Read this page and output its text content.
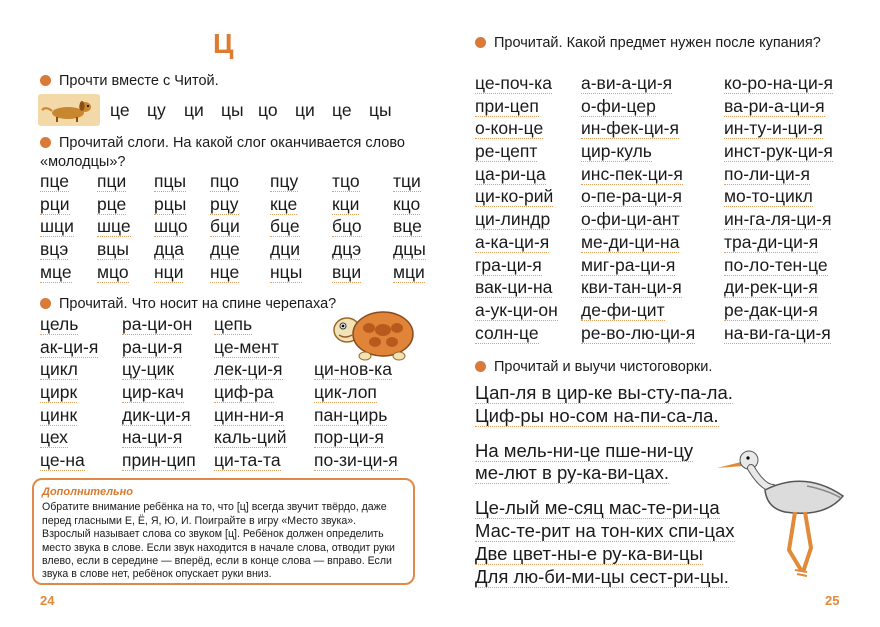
Ц
Прочти вместе с Читой.
це цу	ци цы цо ци це цы
Прочитай слоги. На какой слог оканчивается слово «молодцы»?
пце	пци	пцы	пцо	пцу	тцо	тци
рци	рце	рцы	рцу	кце	кци	кцо
шци	шце	шцо	бци	бце	бцо	вце
вцэ	вцы	дца	дце	дци	дцэ	дцы
мце	мцо	нци	нце	нцы	вци	мци
Прочитай. Что носит на спине черепаха?
цель	ра-ци-он	цепь
ак-ци-я	ра-ци-я	це-мент
цикл	цу-цик	лек-ци-я	ци-нов-ка
цирк	цир-кач	циф-ра	цик-лоп
цинк	дик-ци-я	цин-ни-я	пан-цирь
цех	на-ци-я	каль-ций	пор-ци-я
це-на	прин-цип	ци-та-та	по-зи-ци-я
Дополнительно
Обратите внимание ребёнка на то, что [ц] всегда звучит твёрдо, даже перед гласными Е, Ё, Я, Ю, И. Поиграйте в игру «Место звука». Взрослый называет слова со звуком [ц]. Ребёнок должен определить место звука в слове. Если звук находится в начале слова, отводит руки влево, если в середине — вперёд, если в конце слова — вправо. Если звука в слове нет, ребёнок опускает руки вниз.
24
Прочитай. Какой предмет нужен после купания?
це-поч-ка	а-ви-а-ци-я	ко-ро-на-ци-я
при-цеп	о-фи-цер	ва-ри-а-ци-я
о-кон-це	ин-фек-ци-я	ин-ту-и-ци-я
ре-цепт	цир-куль	инст-рук-ци-я
ца-ри-ца	инс-пек-ци-я	по-ли-ци-я
ци-ко-рий	о-пе-ра-ци-я	мо-то-цикл
ци-линдр	о-фи-ци-ант	ин-га-ля-ци-я
а-ка-ци-я	ме-ди-ци-на	тра-ди-ци-я
гра-ци-я	миг-ра-ци-я	по-ло-тен-це
вак-ци-на	кви-тан-ци-я	ди-рек-ци-я
а-ук-ци-он	де-фи-цит	ре-дак-ци-я
солн-це	ре-во-лю-ци-я	на-ви-га-ци-я
Прочитай и выучи чистоговорки.
Цап-ля в цир-ке вы-сту-па-ла.
Циф-ры но-сом на-пи-са-ла.
На мель-ни-це пше-ни-цу
ме-лют в ру-ка-ви-цах.
Це-лый ме-сяц мас-те-ри-ца
Мас-те-рит на тон-ких спи-цах
Две цвет-ны-е ру-ка-ви-цы
Для лю-би-ми-цы сест-ри-цы.
25
